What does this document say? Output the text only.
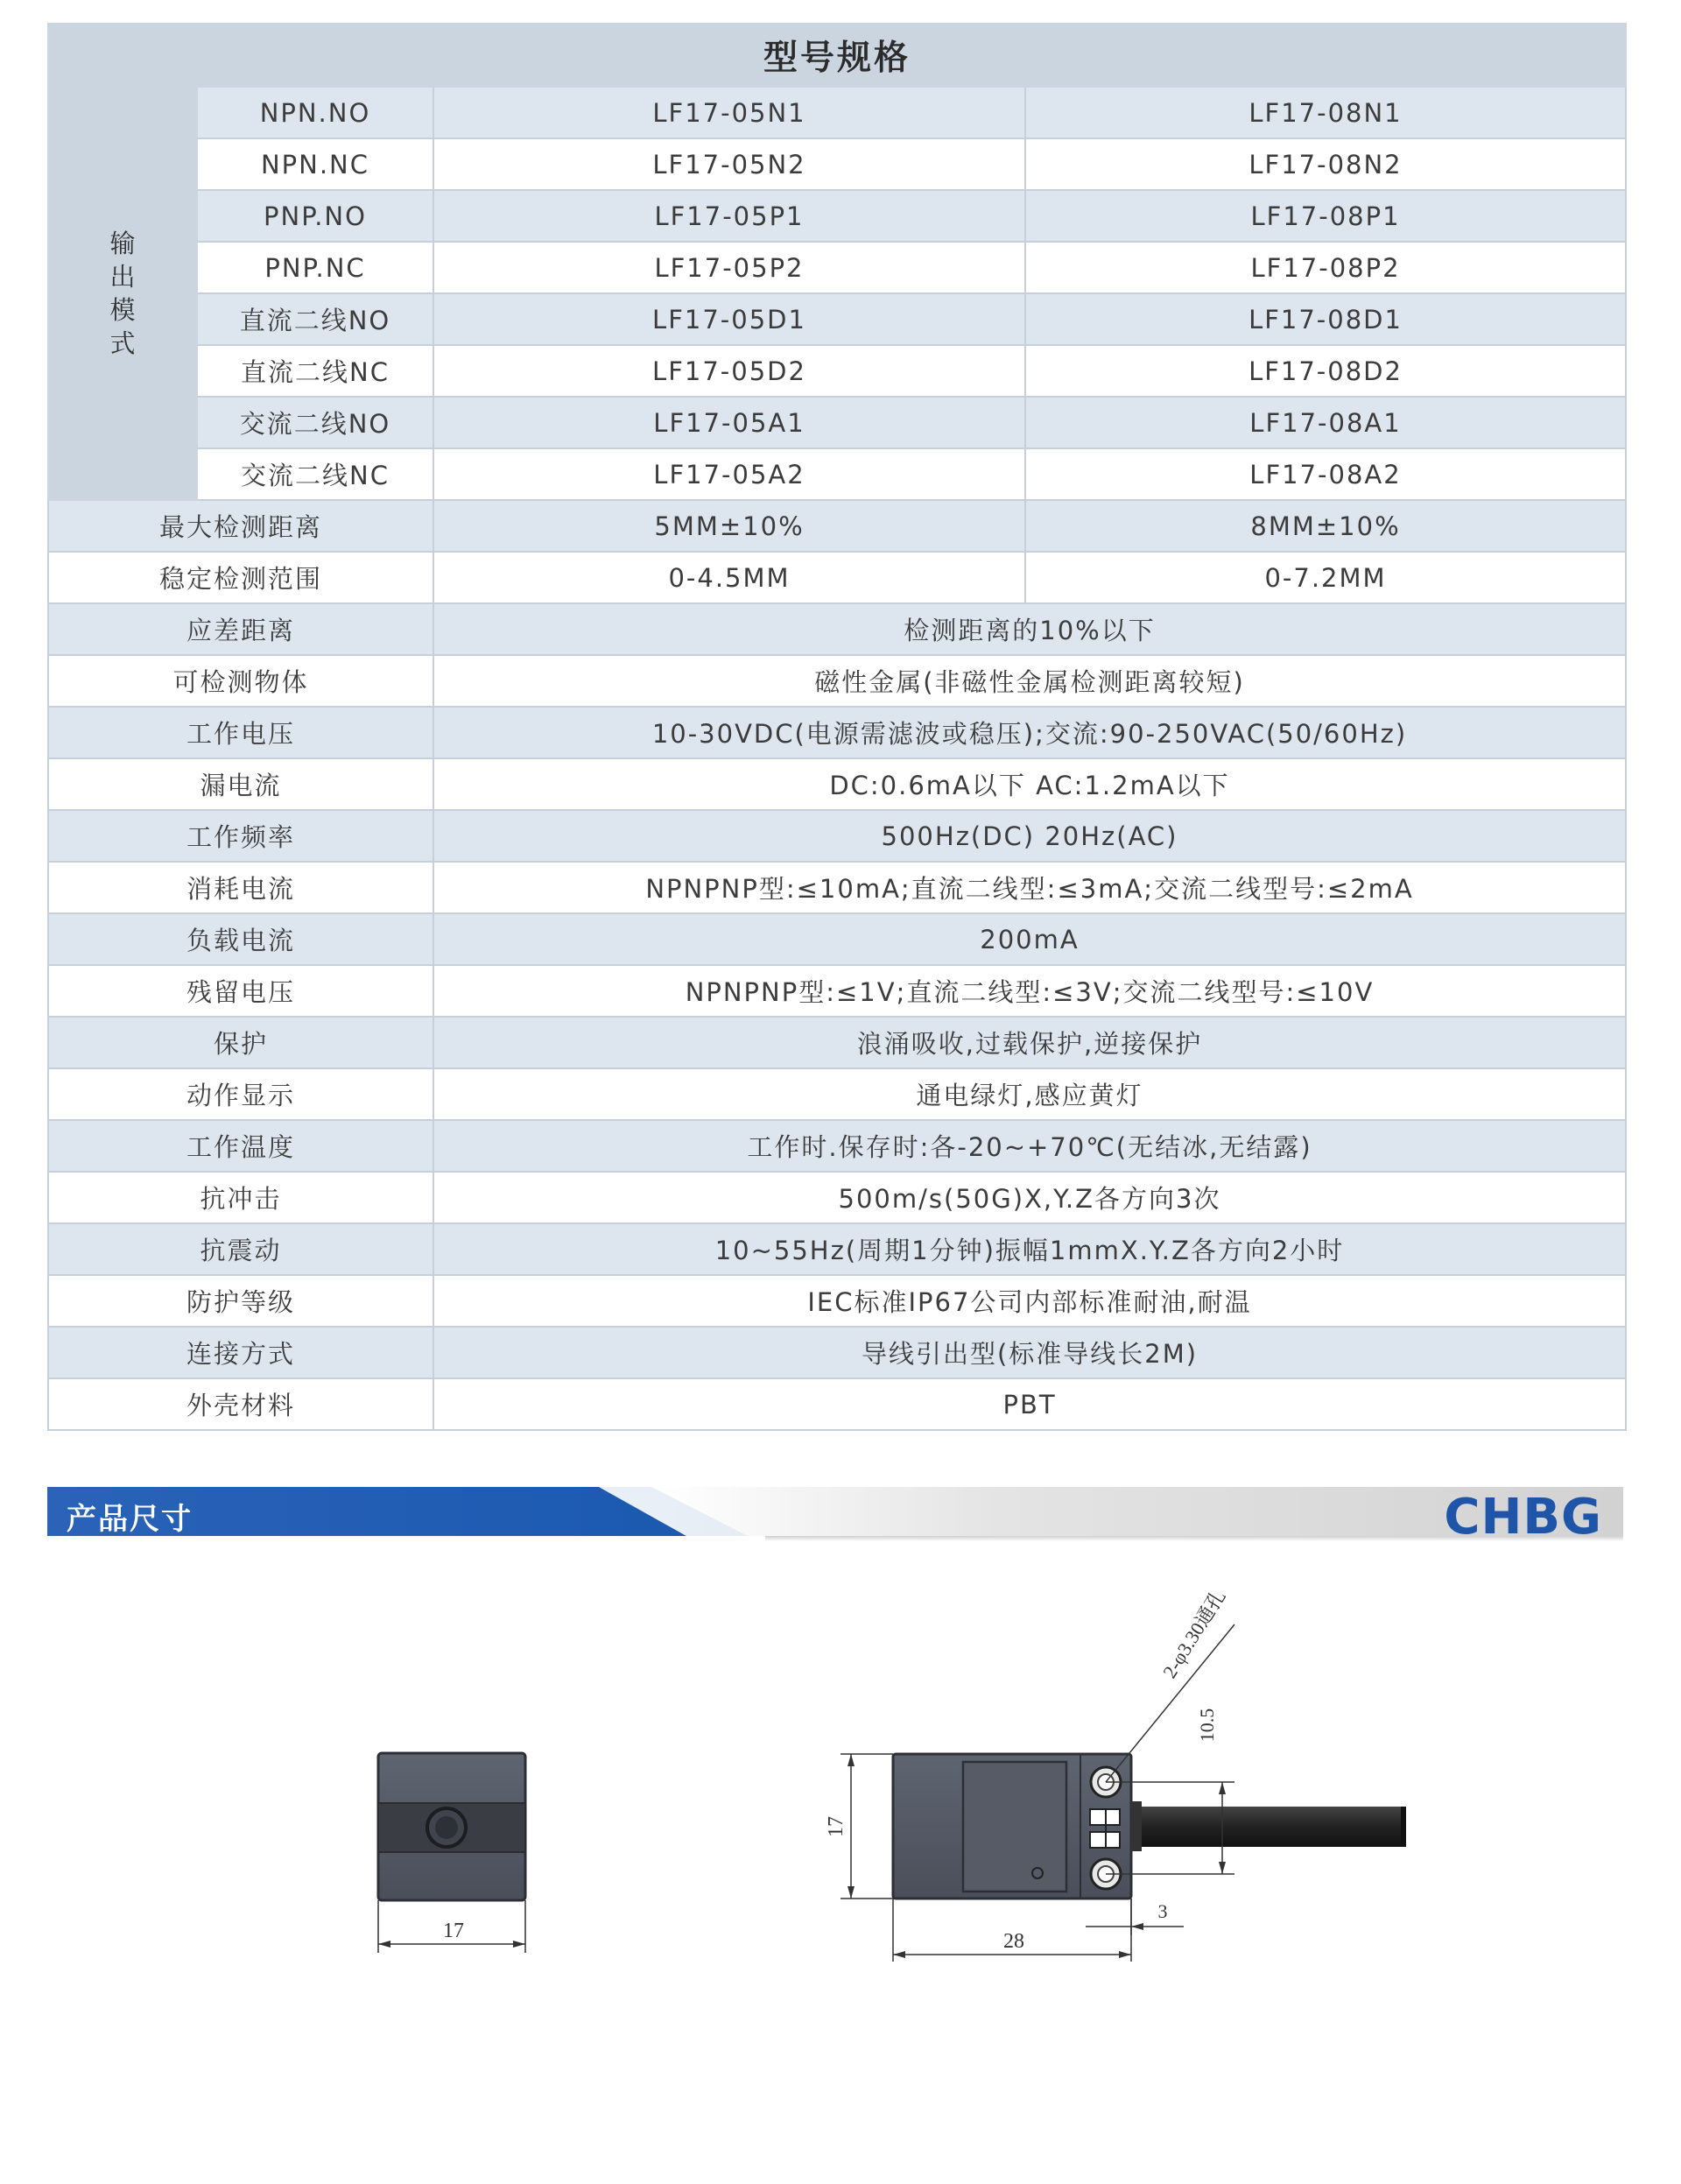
型号规格			
输出模式	NPN.NO	LF17-05N1	LF17-08N1
	NPN.NC	LF17-05N2	LF17-08N2
	PNP.NO	LF17-05P1	LF17-08P1
	PNP.NC	LF17-05P2	LF17-08P2
	直流二线NO	LF17-05D1	LF17-08D1
	直流二线NC	LF17-05D2	LF17-08D2
	交流二线NO	LF17-05A1	LF17-08A1
	交流二线NC	LF17-05A2	LF17-08A2
最大检测距离		5MM±10%	8MM±10%
稳定检测范围		0-4.5MM	0-7.2MM
应差距离		检测距离的10%以下	
可检测物体		磁性金属(非磁性金属检测距离较短)	
工作电压		10-30VDC(电源需滤波或稳压);交流:90-250VAC(50/60Hz)	
漏电流		DC:0.6mA以下 AC:1.2mA以下	
工作频率		500Hz(DC) 20Hz(AC)	
消耗电流		NPNPNP型:≤10mA;直流二线型:≤3mA;交流二线型号:≤2mA	
负载电流		200mA	
残留电压		NPNPNP型:≤1V;直流二线型:≤3V;交流二线型号:≤10V	
保护		浪涌吸收,过载保护,逆接保护	
动作显示		通电绿灯,感应黄灯	
工作温度		工作时.保存时:各-20~+70℃(无结冰,无结露)	
抗冲击		500m/s(50G)X,Y.Z各方向3次	
抗震动		10~55Hz(周期1分钟)振幅1mmX.Y.Z各方向2小时	
防护等级		IEC标准IP67公司内部标准耐油,耐温	
连接方式		导线引出型(标准导线长2M)	
外壳材料		PBT	
产品尺寸	CHBG
17
17
28
3
10.5
2-φ3.30通孔
